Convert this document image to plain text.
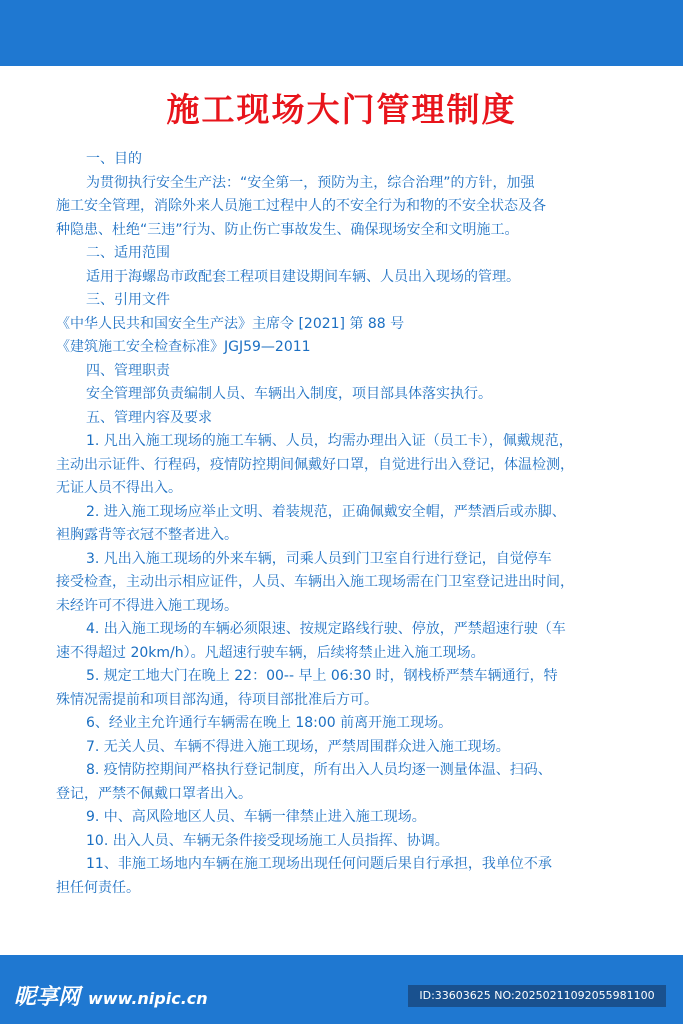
施工现场大门管理制度

一、目的

为贯彻执行安全生产法：“安全第一，预防为主，综合治理”的方针，加强

施工安全管理，消除外来人员施工过程中人的不安全行为和物的不安全状态及各

种隐患、杜绝“三违”行为、防止伤亡事故发生、确保现场安全和文明施工。

二、适用范围

适用于海螺岛市政配套工程项目建设期间车辆、人员出入现场的管理。

三、引用文件

《中华人民共和国安全生产法》主席令 [2021] 第 88 号

《建筑施工安全检查标准》JGJ59—2011

四、管理职责

安全管理部负责编制人员、车辆出入制度，项目部具体落实执行。

五、管理内容及要求

1. 凡出入施工现场的施工车辆、人员，均需办理出入证（员工卡），佩戴规范，

主动出示证件、行程码，疫情防控期间佩戴好口罩，自觉进行出入登记，体温检测，

无证人员不得出入。

2. 进入施工现场应举止文明、着装规范，正确佩戴安全帽，严禁酒后或赤脚、

袒胸露背等衣冠不整者进入。

3. 凡出入施工现场的外来车辆，司乘人员到门卫室自行进行登记，自觉停车

接受检查，主动出示相应证件，人员、车辆出入施工现场需在门卫室登记进出时间，

未经许可不得进入施工现场。

4. 出入施工现场的车辆必须限速、按规定路线行驶、停放，严禁超速行驶（车

速不得超过 20km/h）。凡超速行驶车辆，后续将禁止进入施工现场。

5. 规定工地大门在晚上 22：00-- 早上 06:30 时，钢栈桥严禁车辆通行，特

殊情况需提前和项目部沟通，待项目部批准后方可。

6、经业主允许通行车辆需在晚上 18:00 前离开施工现场。

7. 无关人员、车辆不得进入施工现场，严禁周围群众进入施工现场。

8. 疫情防控期间严格执行登记制度，所有出入人员均逐一测量体温、扫码、

登记，严禁不佩戴口罩者出入。

9. 中、高风险地区人员、车辆一律禁止进入施工现场。

10. 出入人员、车辆无条件接受现场施工人员指挥、协调。

11、非施工场地内车辆在施工现场出现任何问题后果自行承担，我单位不承

担任何责任。

昵享网 www.nipic.cn	ID:33603625 NO:20250211092055981100
